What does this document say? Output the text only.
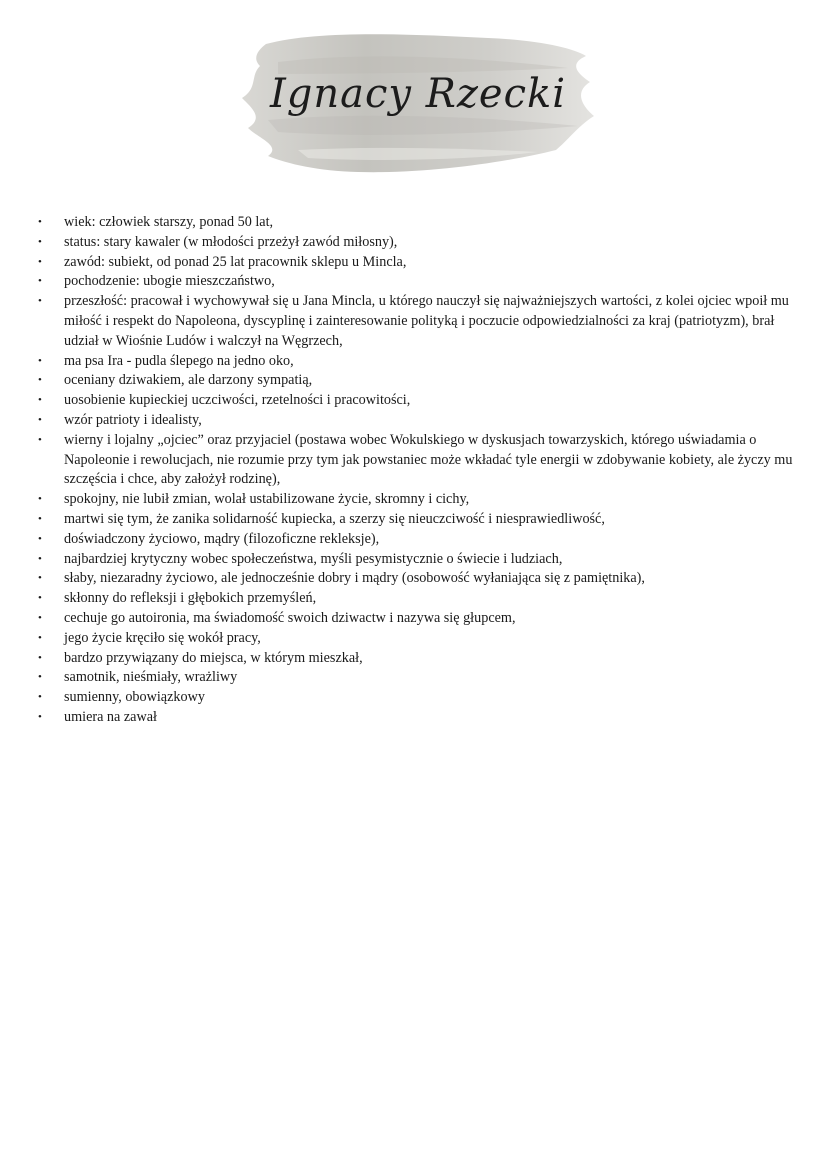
Ignacy Rzecki
•	wiek: człowiek starszy, ponad 50 lat,
•	status: stary kawaler (w młodości przeżył zawód miłosny),
•	zawód: subiekt, od ponad 25 lat pracownik sklepu u Mincla,
•	pochodzenie: ubogie mieszczaństwo,
•	przeszłość: pracował i wychowywał się u Jana Mincla, u którego nauczył się najważniejszych wartości, z kolei ojciec wpoił mu miłość i respekt do Napoleona, dyscyplinę i zainteresowanie polityką i poczucie odpowiedzialności za kraj (patriotyzm), brał udział w Wiośnie Ludów i walczył na Węgrzech,
•	ma psa Ira - pudla ślepego na jedno oko,
•	oceniany dziwakiem, ale darzony sympatią,
•	uosobienie kupieckiej uczciwości, rzetelności i pracowitości,
•	wzór patrioty i idealisty,
•	wierny i lojalny „ojciec” oraz przyjaciel (postawa wobec Wokulskiego w dyskusjach towarzyskich, którego uświadamia o Napoleonie i rewolucjach, nie rozumie przy tym jak powstaniec może wkładać tyle energii w zdobywanie kobiety, ale życzy mu szczęścia i chce, aby założył rodzinę),
•	spokojny, nie lubił zmian, wolał ustabilizowane życie, skromny i cichy,
•	martwi się tym, że zanika solidarność kupiecka, a szerzy się nieuczciwość i niesprawiedliwość,
•	doświadczony życiowo, mądry (filozoficzne rekleksje),
•	najbardziej krytyczny wobec społeczeństwa, myśli pesymistycznie o świecie i ludziach,
•	słaby, niezaradny życiowo, ale jednocześnie dobry i mądry (osobowość wyłaniająca się z pamiętnika),
•	skłonny do refleksji i głębokich przemyśleń,
•	cechuje go autoironia, ma świadomość swoich dziwactw i nazywa się głupcem,
•	jego życie kręciło się wokół pracy,
•	bardzo przywiązany do miejsca, w którym mieszkał,
•	samotnik, nieśmiały, wrażliwy
•	sumienny, obowiązkowy
•	umiera na zawał
